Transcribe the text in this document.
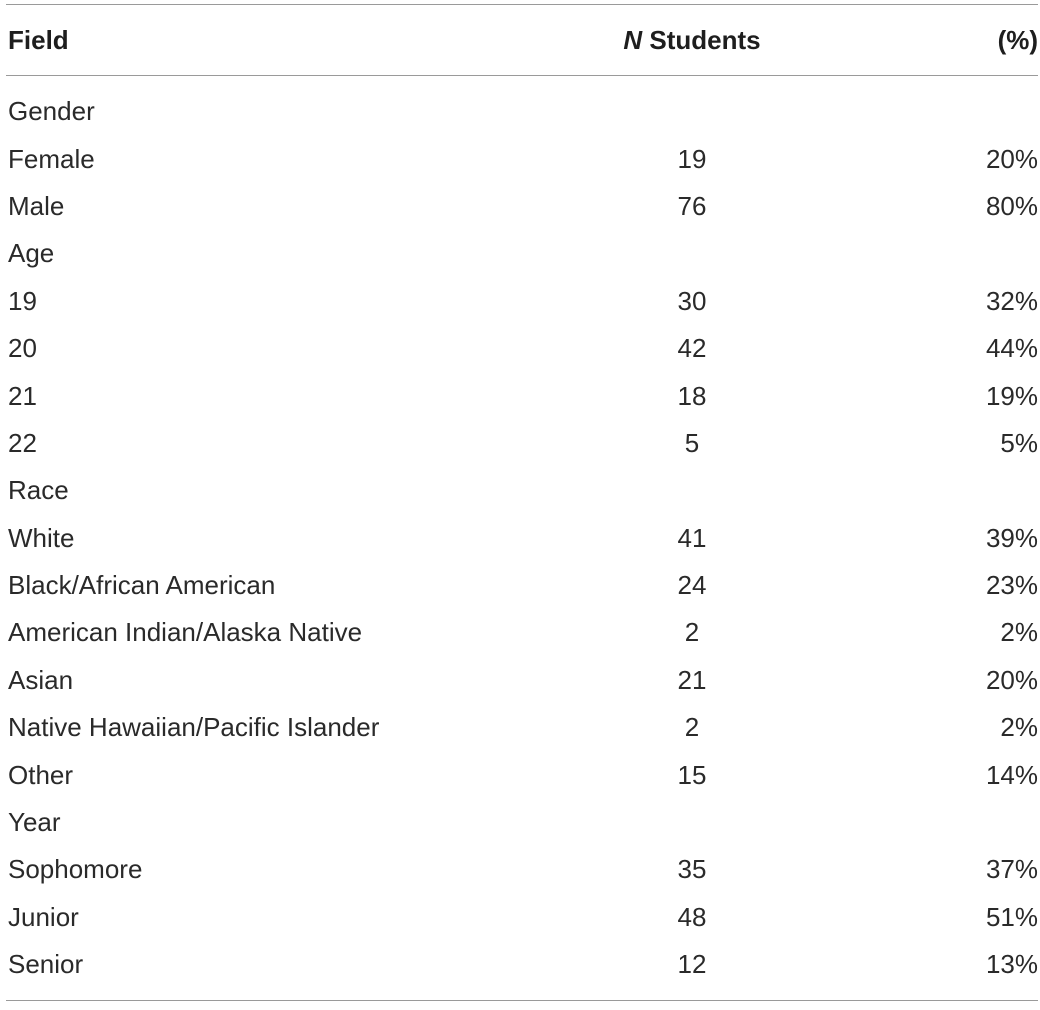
Field	N Students	(%)
Gender
Female	19	20%
Male	76	80%
Age
19	30	32%
20	42	44%
21	18	19%
22	5	5%
Race
White	41	39%
Black/African American	24	23%
American Indian/Alaska Native	2	2%
Asian	21	20%
Native Hawaiian/Pacific Islander	2	2%
Other	15	14%
Year
Sophomore	35	37%
Junior	48	51%
Senior	12	13%
